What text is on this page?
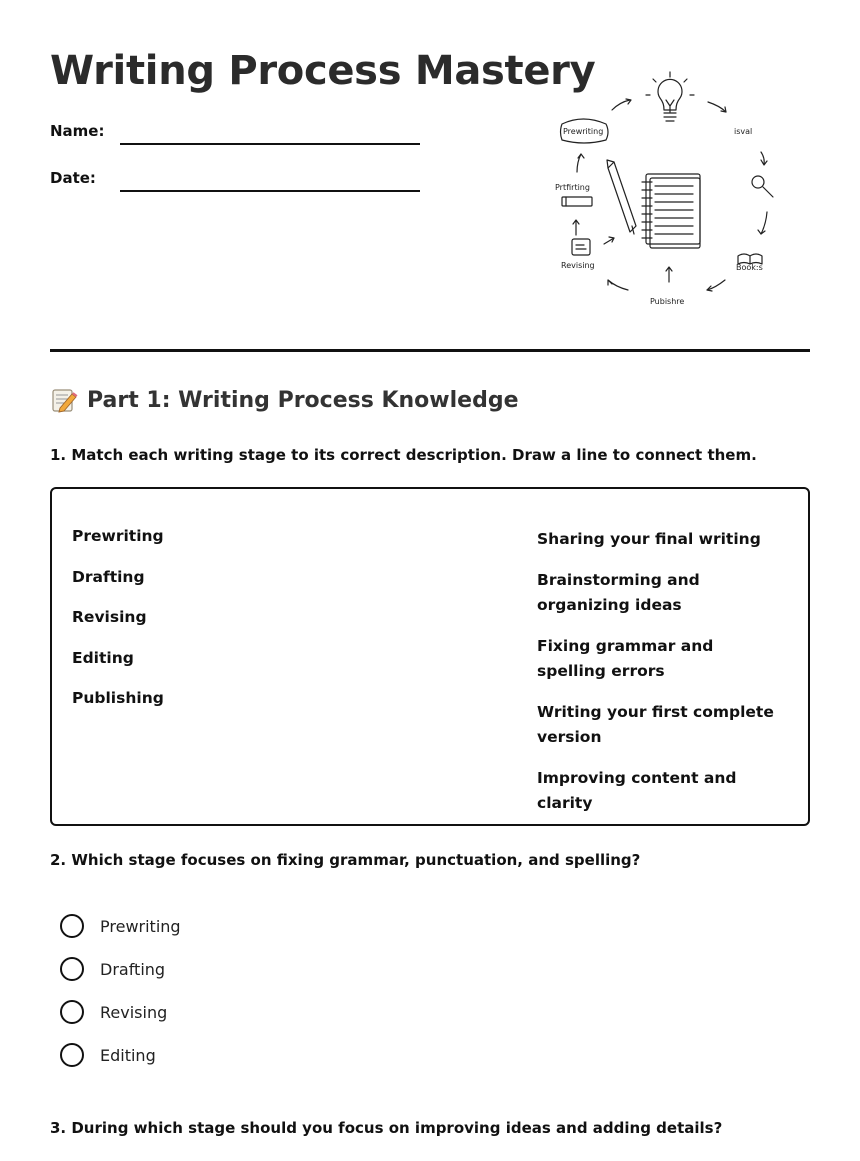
Writing Process Mastery
Name:
Date:
Prewriting	isval
Prtfirting
Revising	Book:s
Pubishre
Part 1: Writing Process Knowledge

1. Match each writing stage to its correct description. Draw a line to connect them.

Prewriting
Drafting
Revising
Editing
Publishing
Sharing your final writing
Brainstorming and organizing ideas
Fixing grammar and spelling errors
Writing your first complete version
Improving content and clarity

2. Which stage focuses on fixing grammar, punctuation, and spelling?

Prewriting
Drafting
Revising
Editing

3. During which stage should you focus on improving ideas and adding details?
